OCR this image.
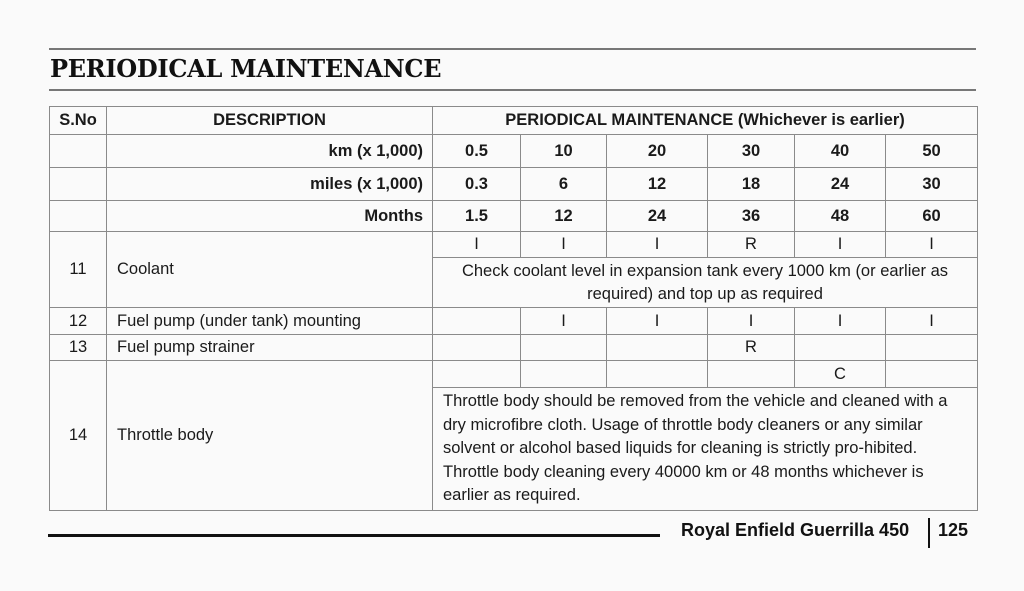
PERIODICAL MAINTENANCE
S.No	DESCRIPTION	PERIODICAL MAINTENANCE (Whichever is earlier)					
	km (x 1,000)	0.5	10	20	30	40	50
	miles (x 1,000)	0.3	6	12	18	24	30
	Months	1.5	12	24	36	48	60
11	Coolant	I	I	I	R	I	I
		Check coolant level in expansion tank every 1000 km (or earlier as required) and top up as required					
12	Fuel pump (under tank) mounting		I	I	I	I	I
13	Fuel pump strainer				R		
14	Throttle body					C	
		Throttle body should be removed from the vehicle and cleaned with a dry microfibre cloth. Usage of throttle body cleaners or any similar solvent or alcohol based liquids for cleaning is strictly pro-hibited. Throttle body cleaning every 40000 km or 48 months whichever is earlier as required.					
Royal Enfield Guerrilla 450 125
